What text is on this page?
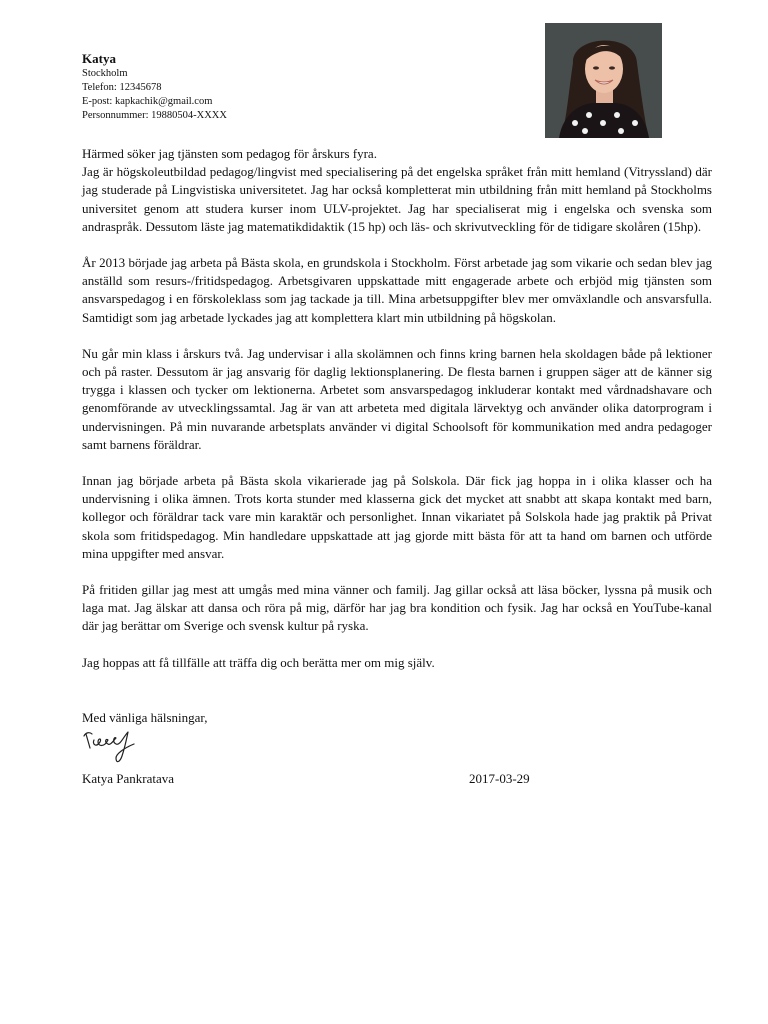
Katya
Stockholm
Telefon: 12345678
E-post: kapkachik@gmail.com
Personnummer: 19880504-XXXX

Härmed söker jag tjänsten som pedagog för årskurs fyra.

Jag är högskoleutbildad pedagog/lingvist med specialisering på det engelska språket från mitt hemland (Vitryssland) där jag studerade på Lingvistiska universitetet. Jag har också kompletterat min utbildning från mitt hemland på Stockholms universitet genom att studera kurser inom ULV-projektet. Jag har specialiserat mig i engelska och svenska som andraspråk. Dessutom läste jag matematikdidaktik (15 hp) och läs- och skrivutveckling för de tidigare skolåren (15hp).

År 2013 började jag arbeta på Bästa skola, en grundskola i Stockholm. Först arbetade jag som vikarie och sedan blev jag anställd som resurs-/fritidspedagog. Arbetsgivaren uppskattade mitt engagerade arbete och erbjöd mig tjänsten som ansvarspedagog i en förskoleklass som jag tackade ja till. Mina arbetsuppgifter blev mer omväxlandle och ansvarsfulla. Samtidigt som jag arbetade lyckades jag att komplettera klart min utbildning på högskolan.

Nu går min klass i årskurs två. Jag undervisar i alla skolämnen och finns kring barnen hela skoldagen både på lektioner och på raster. Dessutom är jag ansvarig för daglig lektionsplanering. De flesta barnen i gruppen säger att de känner sig trygga i klassen och tycker om lektionerna. Arbetet som ansvarspedagog inkluderar kontakt med vårdnadshavare och genomförande av utvecklingssamtal. Jag är van att arbeteta med digitala lärvektyg och använder olika datorprogram i undervisningen. På min nuvarande arbetsplats använder vi digital Schoolsoft för kommunikation med andra pedagoger samt barnens föräldrar.

Innan jag började arbeta på Bästa skola vikarierade jag på Solskola. Där fick jag hoppa in i olika klasser och ha undervisning i olika ämnen. Trots korta stunder med klasserna gick det mycket att snabbt att skapa kontakt med barn, kollegor och föräldrar tack vare min karaktär och personlighet. Innan vikariatet på Solskola hade jag praktik på Privat skola som fritidspedagog. Min handledare uppskattade att jag gjorde mitt bästa för att ta hand om barnen och utförde mina uppgifter med ansvar.

På fritiden gillar jag mest att umgås med mina vänner och familj. Jag gillar också att läsa böcker, lyssna på musik och laga mat. Jag älskar att dansa och röra på mig, därför har jag bra kondition och fysik. Jag har också en YouTube-kanal där jag berättar om Sverige och svensk kultur på ryska.

Jag hoppas att få tillfälle att träffa dig och berätta mer om mig själv.

Med vänliga hälsningar,
Katya Pankratava	2017-03-29
